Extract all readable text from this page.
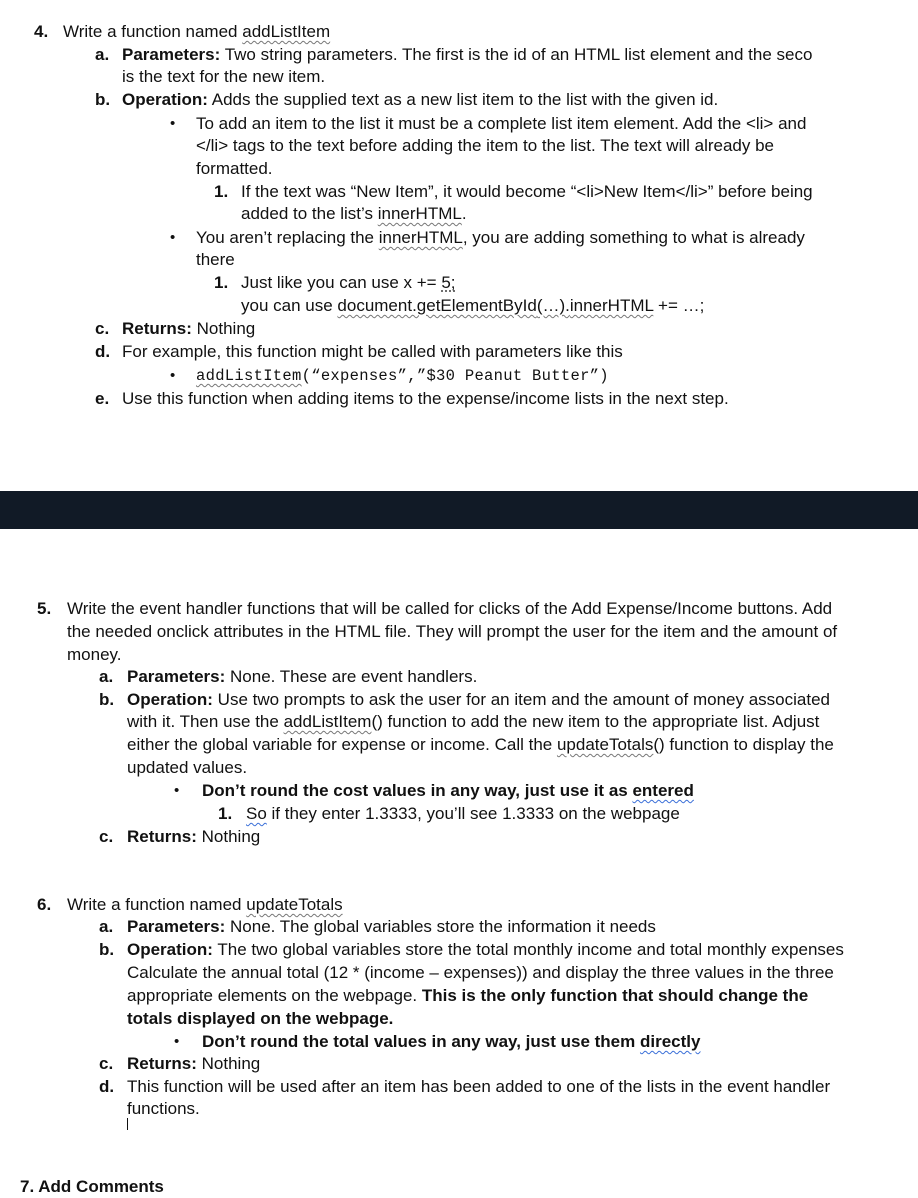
4. Write a function named addListItem
a. Parameters: Two string parameters. The first is the id of an HTML list element and the seco
is the text for the new item.
b. Operation: Adds the supplied text as a new list item to the list with the given id.
• To add an item to the list it must be a complete list item element. Add the <li> and
</li> tags to the text before adding the item to the list. The text will already be
formatted.
1. If the text was “New Item”, it would become “<li>New Item</li>” before being
added to the list’s innerHTML.
• You aren’t replacing the innerHTML, you are adding something to what is already
there
1. Just like you can use x += 5;
you can use document.getElementById(…).innerHTML += …;
c. Returns: Nothing
d. For example, this function might be called with parameters like this
• addListItem(“expenses”,”$30 Peanut Butter”)
e. Use this function when adding items to the expense/income lists in the next step.
5. Write the event handler functions that will be called for clicks of the Add Expense/Income buttons. Add
the needed onclick attributes in the HTML file. They will prompt the user for the item and the amount of
money.
a. Parameters: None. These are event handlers.
b. Operation: Use two prompts to ask the user for an item and the amount of money associated
with it. Then use the addListItem() function to add the new item to the appropriate list. Adjust
either the global variable for expense or income. Call the updateTotals() function to display the
updated values.
• Don’t round the cost values in any way, just use it as entered
1. So if they enter 1.3333, you’ll see 1.3333 on the webpage
c. Returns: Nothing
6. Write a function named updateTotals
a. Parameters: None. The global variables store the information it needs
b. Operation: The two global variables store the total monthly income and total monthly expenses
Calculate the annual total (12 * (income – expenses)) and display the three values in the three
appropriate elements on the webpage. This is the only function that should change the
totals displayed on the webpage.
• Don’t round the total values in any way, just use them directly
c. Returns: Nothing
d. This function will be used after an item has been added to one of the lists in the event handler
functions.
7. Add Comments
